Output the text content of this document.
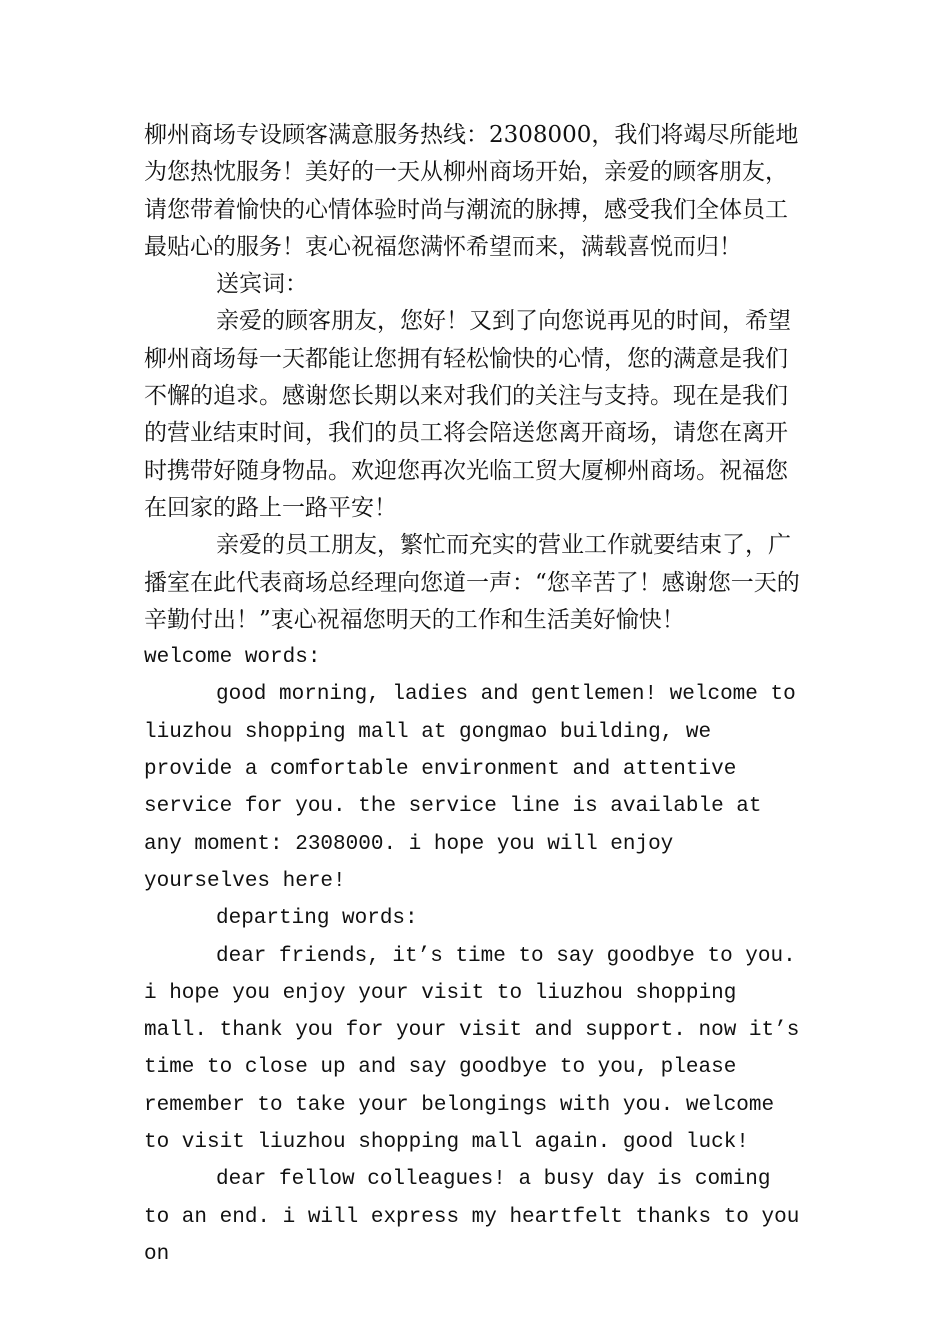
柳州商场专设顾客满意服务热线：2308000，我们将竭尽所能地为您热忱服务！美好的一天从柳州商场开始，亲爱的顾客朋友，请您带着愉快的心情体验时尚与潮流的脉搏，感受我们全体员工最贴心的服务！衷心祝福您满怀希望而来，满载喜悦而归！

送宾词：

亲爱的顾客朋友，您好！又到了向您说再见的时间，希望柳州商场每一天都能让您拥有轻松愉快的心情，您的满意是我们不懈的追求。感谢您长期以来对我们的关注与支持。现在是我们的营业结束时间，我们的员工将会陪送您离开商场，请您在离开时携带好随身物品。欢迎您再次光临工贸大厦柳州商场。祝福您在回家的路上一路平安！

亲爱的员工朋友，繁忙而充实的营业工作就要结束了，广播室在此代表商场总经理向您道一声：“您辛苦了！感谢您一天的辛勤付出！”衷心祝福您明天的工作和生活美好愉快！

welcome words:

good morning, ladies and gentlemen! welcome to liuzhou shopping mall at gongmao building, we provide a comfortable environment and attentive service for you. the service line is available at any moment: 2308000. i hope you will enjoy yourselves here!

departing words:

dear friends, it’s time to say goodbye to you. i hope you enjoy your visit to liuzhou shopping mall. thank you for your visit and support. now it’s time to close up and say goodbye to you, please remember to take your belongings with you. welcome to visit liuzhou shopping mall again. good luck!

dear fellow colleagues! a busy day is coming to an end. i will express my heartfelt thanks to you on
